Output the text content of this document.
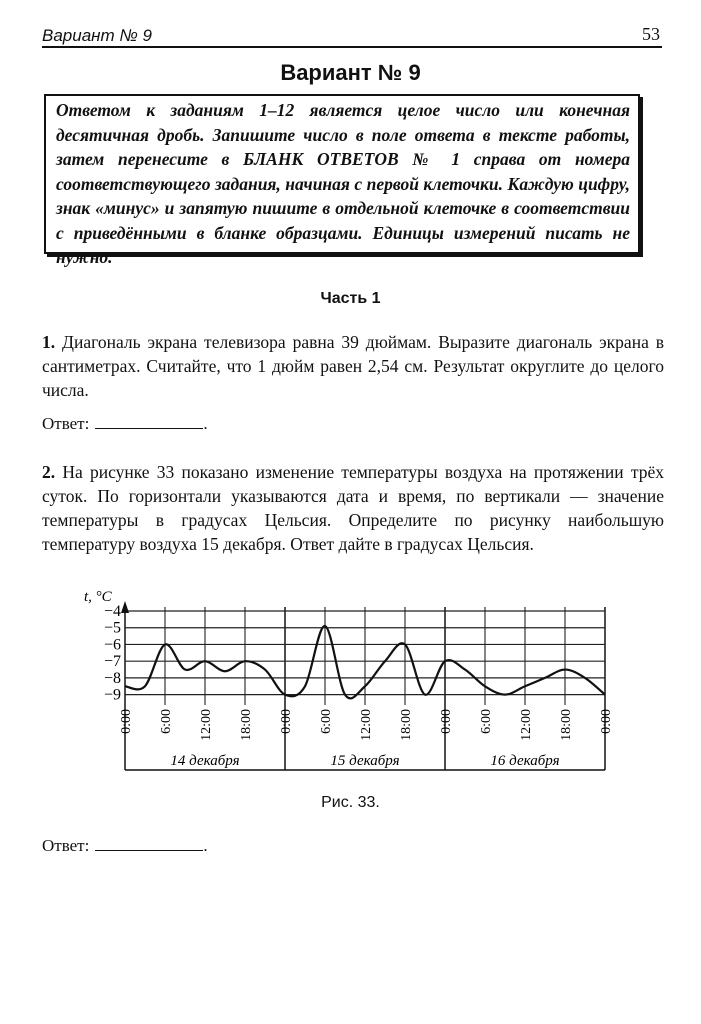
Вариант № 9	53
Вариант № 9
Ответом к заданиям 1–12 является целое число или конечная десятичная дробь. Запишите число в поле ответа в тексте работы, затем перенесите в БЛАНК ОТВЕТОВ № 1 справа от номера соответствующего задания, начиная с первой клеточки. Каждую цифру, знак «минус» и запятую пишите в отдельной клеточке в соответствии с приведёнными в бланке образцами. Единицы измерений писать не нужно.
Часть 1
1. Диагональ экрана телевизора равна 39 дюймам. Выразите диагональ экрана в сантиметрах. Считайте, что 1 дюйм равен 2,54 см. Результат округлите до целого числа.
Ответ:	.
2. На рисунке 33 показано изменение температуры воздуха на протяжении трёх суток. По горизонтали указываются дата и время, по вертикали — значение температуры в градусах Цельсия. Определите по рисунку наибольшую температуру воздуха 15 декабря. Ответ дайте в градусах Цельсия.
−4
−5
−6
−7
−8
−9
0:00 6:00 12:00 18:00 0:00 6:00 12:00 18:00 0:00 6:00 12:00 18:00 0:00
14 декабря	15 декабря	16 декабря
t, °C
Рис. 33.
Ответ:	.
